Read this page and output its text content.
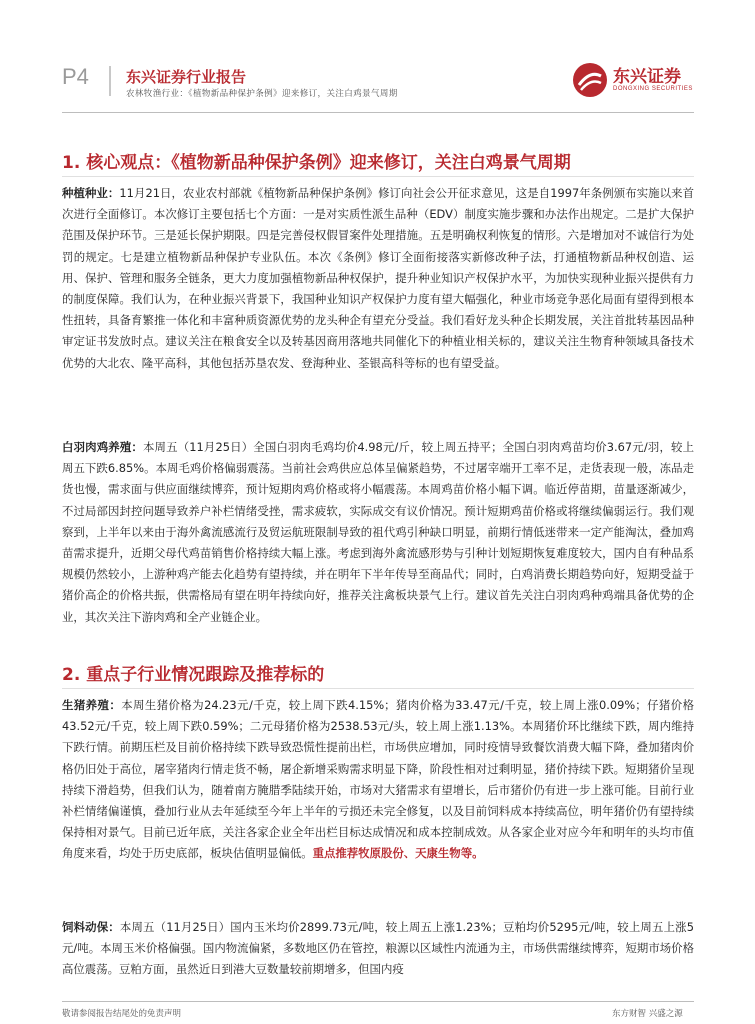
P4 东兴证券行业报告
农林牧渔行业：《植物新品种保护条例》迎来修订，关注白鸡景气周期
东兴证券
DONGXING SECURITIES
1. 核心观点：《植物新品种保护条例》迎来修订，关注白鸡景气周期

种植种业：11月21日，农业农村部就《植物新品种保护条例》修订向社会公开征求意见，这是自1997年条例颁布实施以来首次进行全面修订。本次修订主要包括七个方面：一是对实质性派生品种（EDV）制度实施步骤和办法作出规定。二是扩大保护范围及保护环节。三是延长保护期限。四是完善侵权假冒案件处理措施。五是明确权利恢复的情形。六是增加对不诚信行为处罚的规定。七是建立植物新品种保护专业队伍。本次《条例》修订全面衔接落实新修改种子法，打通植物新品种权创造、运用、保护、管理和服务全链条，更大力度加强植物新品种权保护，提升种业知识产权保护水平，为加快实现种业振兴提供有力的制度保障。我们认为，在种业振兴背景下，我国种业知识产权保护力度有望大幅强化，种业市场竞争恶化局面有望得到根本性扭转，具备育繁推一体化和丰富种质资源优势的龙头种企有望充分受益。我们看好龙头种企长期发展，关注首批转基因品种审定证书发放时点。建议关注在粮食安全以及转基因商用落地共同催化下的种植业相关标的，建议关注生物育种领域具备技术优势的大北农、隆平高科，其他包括苏垦农发、登海种业、荃银高科等标的也有望受益。

白羽肉鸡养殖：本周五（11月25日）全国白羽肉毛鸡均价4.98元/斤，较上周五持平；全国白羽肉鸡苗均价3.67元/羽，较上周五下跌6.85%。本周毛鸡价格偏弱震荡。当前社会鸡供应总体呈偏紧趋势，不过屠宰端开工率不足，走货表现一般，冻品走货也慢，需求面与供应面继续博弈，预计短期肉鸡价格或将小幅震荡。本周鸡苗价格小幅下调。临近停苗期，苗量逐渐减少，不过局部因封控问题导致养户补栏情绪受挫，需求疲软，实际成交有议价情况。预计短期鸡苗价格或将继续偏弱运行。我们观察到，上半年以来由于海外禽流感流行及贸运航班限制导致的祖代鸡引种缺口明显，前期行情低迷带来一定产能淘汰，叠加鸡苗需求提升，近期父母代鸡苗销售价格持续大幅上涨。考虑到海外禽流感形势与引种计划短期恢复难度较大，国内自有种品系规模仍然较小，上游种鸡产能去化趋势有望持续，并在明年下半年传导至商品代；同时，白鸡消费长期趋势向好，短期受益于猪价高企的价格共振，供需格局有望在明年持续向好，推荐关注禽板块景气上行。建议首先关注白羽肉鸡种鸡端具备优势的企业，其次关注下游肉鸡和全产业链企业。

2. 重点子行业情况跟踪及推荐标的

生猪养殖：本周生猪价格为24.23元/千克，较上周下跌4.15%；猪肉价格为33.47元/千克，较上周上涨0.09%；仔猪价格43.52元/千克，较上周下跌0.59%；二元母猪价格为2538.53元/头，较上周上涨1.13%。本周猪价环比继续下跌，周内维持下跌行情。前期压栏及目前价格持续下跌导致恐慌性提前出栏，市场供应增加，同时疫情导致餐饮消费大幅下降，叠加猪肉价格仍旧处于高位，屠宰猪肉行情走货不畅，屠企新增采购需求明显下降，阶段性相对过剩明显，猪价持续下跌。短期猪价呈现持续下滑趋势，但我们认为，随着南方腌腊季陆续开始，市场对大猪需求有望增长，后市猪价仍有进一步上涨可能。目前行业补栏情绪偏谨慎，叠加行业从去年延续至今年上半年的亏损还未完全修复，以及目前饲料成本持续高位，明年猪价仍有望持续保持相对景气。目前已近年底，关注各家企业全年出栏目标达成情况和成本控制成效。从各家企业对应今年和明年的头均市值角度来看，均处于历史底部，板块估值明显偏低。重点推荐牧原股份、天康生物等。

饲料动保：本周五（11月25日）国内玉米均价2899.73元/吨，较上周五上涨1.23%；豆粕均价5295元/吨，较上周五上涨5元/吨。本周玉米价格偏强。国内物流偏紧，多数地区仍在管控，粮源以区域性内流通为主，市场供需继续博弈，短期市场价格高位震荡。豆粕方面，虽然近日到港大豆数量较前期增多，但国内疫

敬请参阅报告结尾处的免责声明	东方财智 兴盛之源
